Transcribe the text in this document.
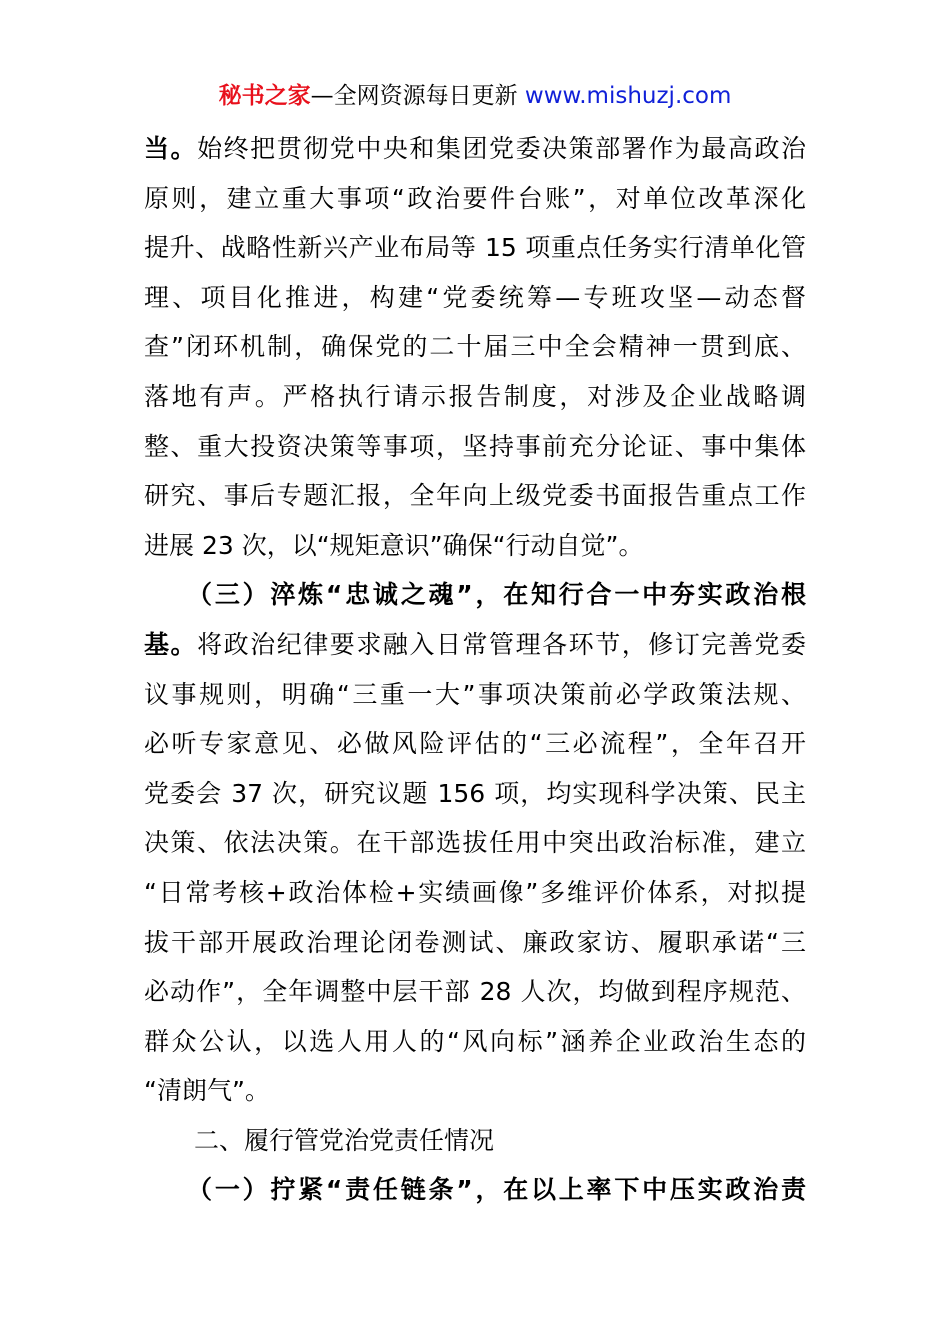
秘书之家—全网资源每日更新 www.mishuzj.com
当。始终把贯彻党中央和集团党委决策部署作为最高政治
原则，建立重大事项“政治要件台账”，对单位改革深化
提升、战略性新兴产业布局等 15 项重点任务实行清单化管
理、项目化推进，构建“党委统筹—专班攻坚—动态督
查”闭环机制，确保党的二十届三中全会精神一贯到底、
落地有声。严格执行请示报告制度，对涉及企业战略调
整、重大投资决策等事项，坚持事前充分论证、事中集体
研究、事后专题汇报，全年向上级党委书面报告重点工作
进展 23 次，以“规矩意识”确保“行动自觉”。
　　（三）淬炼“忠诚之魂”，在知行合一中夯实政治根
基。将政治纪律要求融入日常管理各环节，修订完善党委
议事规则，明确“三重一大”事项决策前必学政策法规、
必听专家意见、必做风险评估的“三必流程”，全年召开
党委会 37 次，研究议题 156 项，均实现科学决策、民主
决策、依法决策。在干部选拔任用中突出政治标准，建立
“日常考核+政治体检+实绩画像”多维评价体系，对拟提
拔干部开展政治理论闭卷测试、廉政家访、履职承诺“三
必动作”，全年调整中层干部 28 人次，均做到程序规范、
群众公认，以选人用人的“风向标”涵养企业政治生态的
“清朗气”。
　　二、履行管党治党责任情况
　　（一）拧紧“责任链条”，在以上率下中压实政治责
